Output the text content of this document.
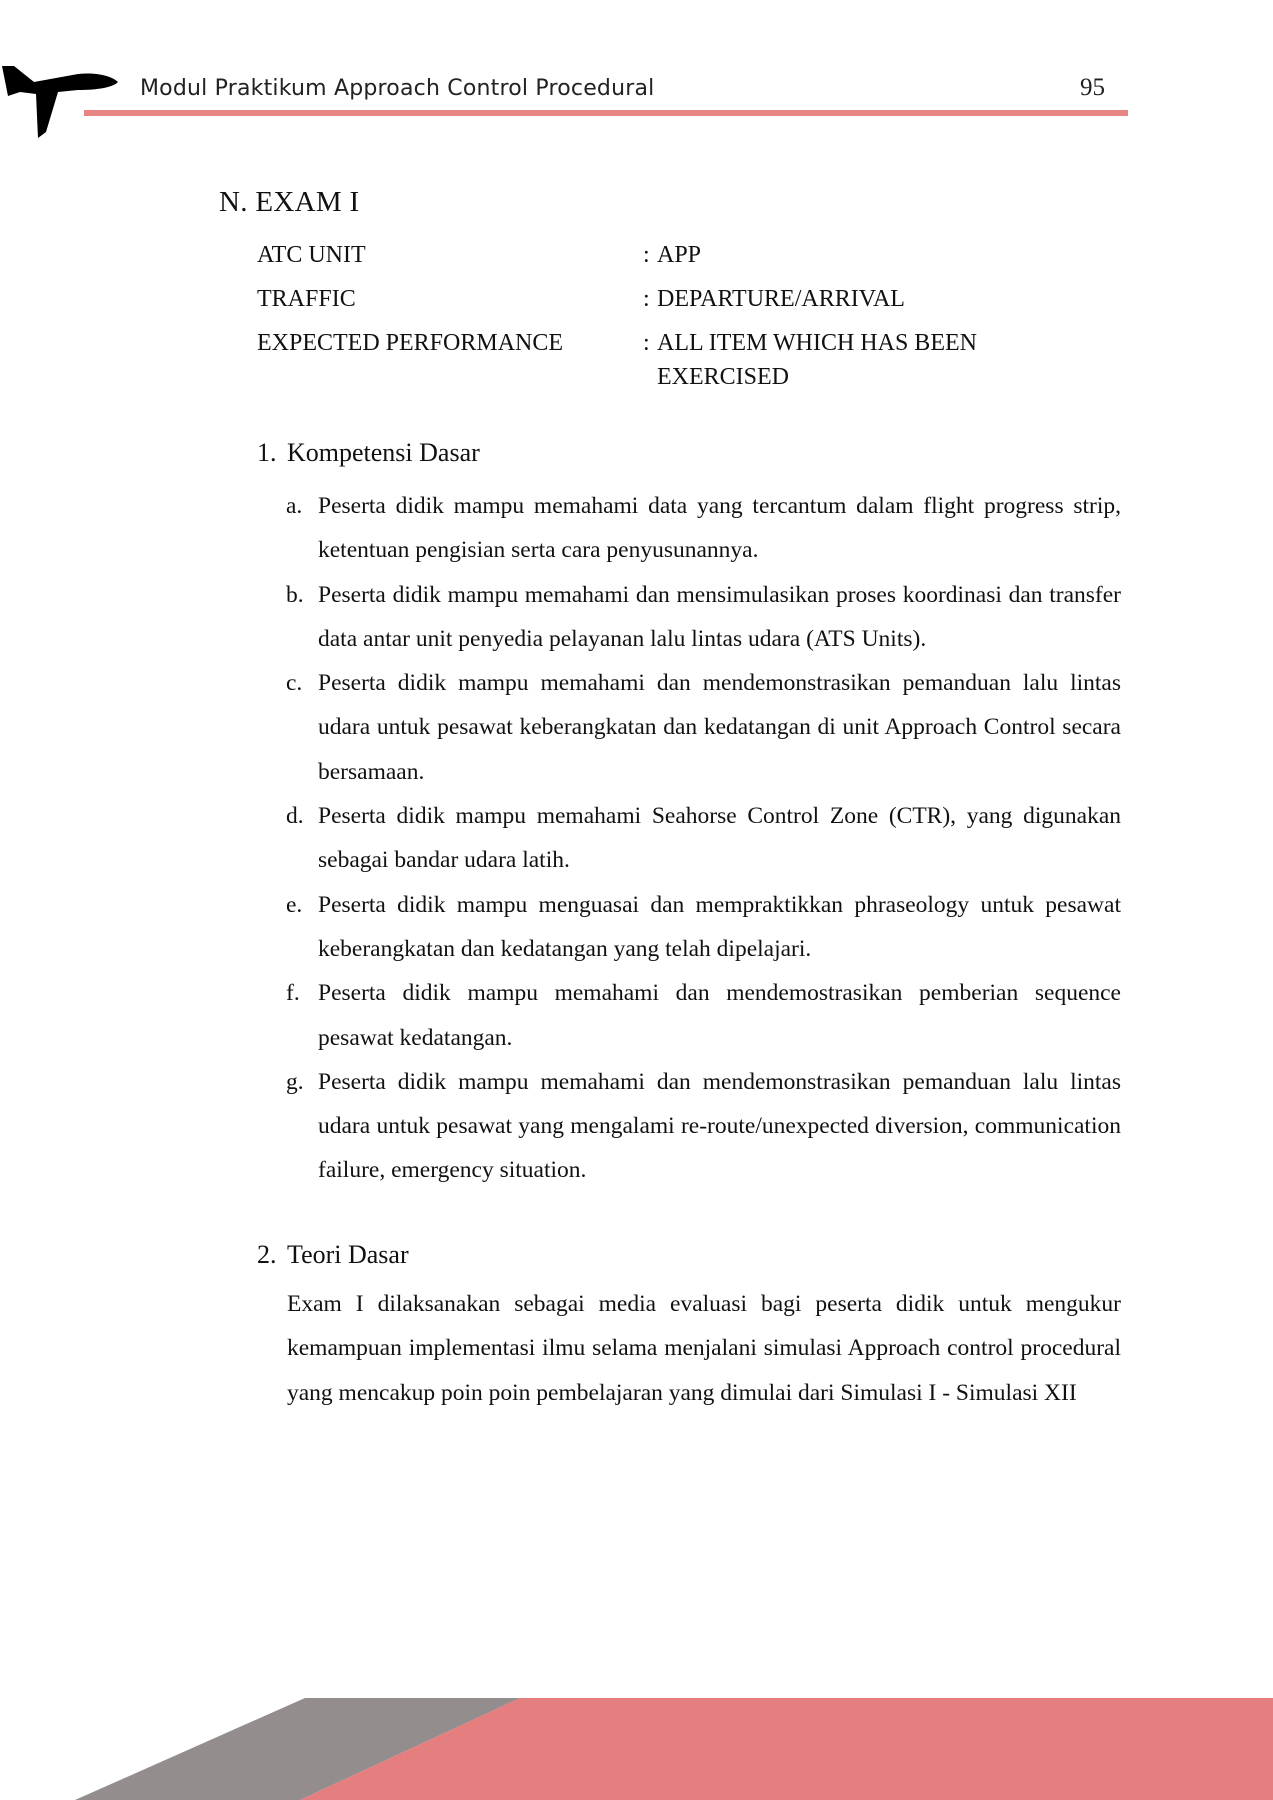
Modul Praktikum Approach Control Procedural	95
N. EXAM I
ATC UNIT	: APP
TRAFFIC	: DEPARTURE/ARRIVAL
EXPECTED PERFORMANCE	: ALL ITEM WHICH HAS BEEN EXERCISED
1. Kompetensi Dasar
a. Peserta didik mampu memahami data yang tercantum dalam flight progress strip, ketentuan pengisian serta cara penyusunannya.
b. Peserta didik mampu memahami dan mensimulasikan proses koordinasi dan transfer data antar unit penyedia pelayanan lalu lintas udara (ATS Units).
c. Peserta didik mampu memahami dan mendemonstrasikan pemanduan lalu lintas udara untuk pesawat keberangkatan dan kedatangan di unit Approach Control secara bersamaan.
d. Peserta didik mampu memahami Seahorse Control Zone (CTR), yang digunakan sebagai bandar udara latih.
e. Peserta didik mampu menguasai dan mempraktikkan phraseology untuk pesawat keberangkatan dan kedatangan yang telah dipelajari.
f. Peserta didik mampu memahami dan mendemostrasikan pemberian sequence pesawat kedatangan.
g. Peserta didik mampu memahami dan mendemonstrasikan pemanduan lalu lintas udara untuk pesawat yang mengalami re-route/unexpected diversion, communication failure, emergency situation.
2. Teori Dasar
Exam I dilaksanakan sebagai media evaluasi bagi peserta didik untuk mengukur kemampuan implementasi ilmu selama menjalani simulasi Approach control procedural yang mencakup poin poin pembelajaran yang dimulai dari Simulasi I - Simulasi XII
